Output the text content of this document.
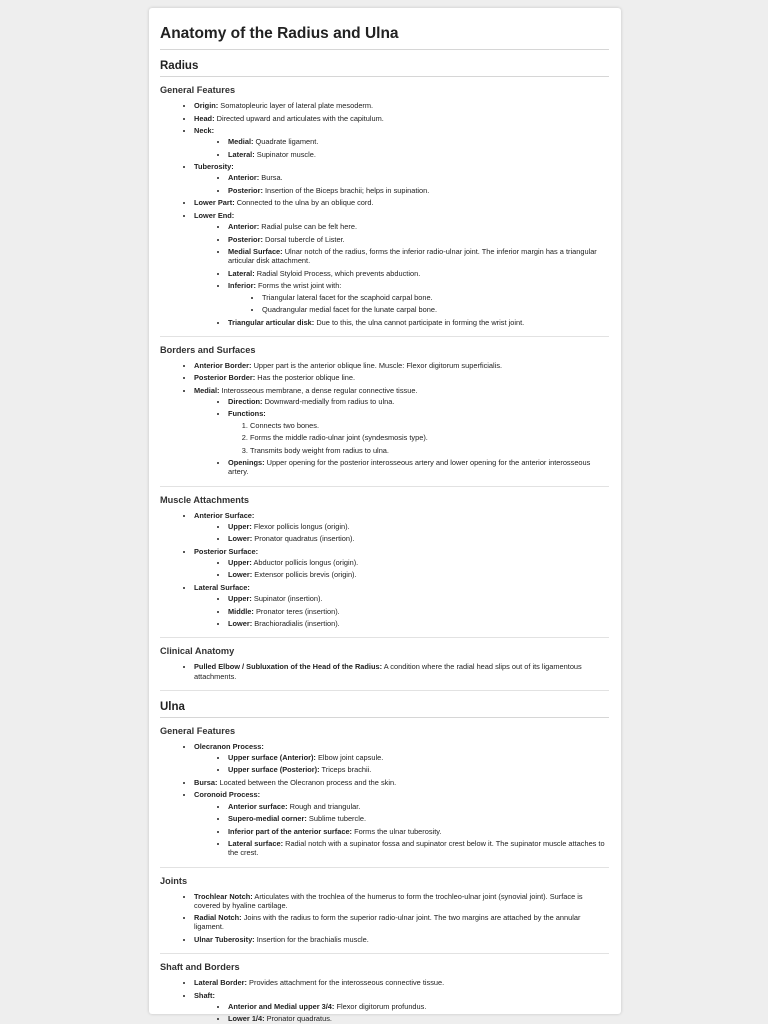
Anatomy of the Radius and Ulna
Radius
General Features
• Origin: Somatopleuric layer of lateral plate mesoderm.
• Head: Directed upward and articulates with the capitulum.
• Neck:
• Medial: Quadrate ligament.
• Lateral: Supinator muscle.
• Tuberosity:
• Anterior: Bursa.
• Posterior: Insertion of the Biceps brachii; helps in supination.
• Lower Part: Connected to the ulna by an oblique cord.
• Lower End:
• Anterior: Radial pulse can be felt here.
• Posterior: Dorsal tubercle of Lister.
• Medial Surface: Ulnar notch of the radius, forms the inferior radio-ulnar joint. The inferior margin has a triangular articular disk attachment.
• Lateral: Radial Styloid Process, which prevents abduction.
• Inferior: Forms the wrist joint with:
• Triangular lateral facet for the scaphoid carpal bone.
• Quadrangular medial facet for the lunate carpal bone.
• Triangular articular disk: Due to this, the ulna cannot participate in forming the wrist joint.
Borders and Surfaces
• Anterior Border: Upper part is the anterior oblique line. Muscle: Flexor digitorum superficialis.
• Posterior Border: Has the posterior oblique line.
• Medial: Interosseous membrane, a dense regular connective tissue.
• Direction: Downward-medially from radius to ulna.
• Functions:
1. Connects two bones.
2. Forms the middle radio-ulnar joint (syndesmosis type).
3. Transmits body weight from radius to ulna.
• Openings: Upper opening for the posterior interosseous artery and lower opening for the anterior interosseous artery.
Muscle Attachments
• Anterior Surface:
• Upper: Flexor pollicis longus (origin).
• Lower: Pronator quadratus (insertion).
• Posterior Surface:
• Upper: Abductor pollicis longus (origin).
• Lower: Extensor pollicis brevis (origin).
• Lateral Surface:
• Upper: Supinator (insertion).
• Middle: Pronator teres (insertion).
• Lower: Brachioradialis (insertion).
Clinical Anatomy
• Pulled Elbow / Subluxation of the Head of the Radius: A condition where the radial head slips out of its ligamentous attachments.
Ulna
General Features
• Olecranon Process:
• Upper surface (Anterior): Elbow joint capsule.
• Upper surface (Posterior): Triceps brachii.
• Bursa: Located between the Olecranon process and the skin.
• Coronoid Process:
• Anterior surface: Rough and triangular.
• Supero-medial corner: Sublime tubercle.
• Inferior part of the anterior surface: Forms the ulnar tuberosity.
• Lateral surface: Radial notch with a supinator fossa and supinator crest below it. The supinator muscle attaches to the crest.
Joints
• Trochlear Notch: Articulates with the trochlea of the humerus to form the trochleo-ulnar joint (synovial joint). Surface is covered by hyaline cartilage.
• Radial Notch: Joins with the radius to form the superior radio-ulnar joint. The two margins are attached by the annular ligament.
• Ulnar Tuberosity: Insertion for the brachialis muscle.
Shaft and Borders
• Lateral Border: Provides attachment for the interosseous connective tissue.
• Shaft:
• Anterior and Medial upper 3/4: Flexor digitorum profundus.
• Lower 1/4: Pronator quadratus.
